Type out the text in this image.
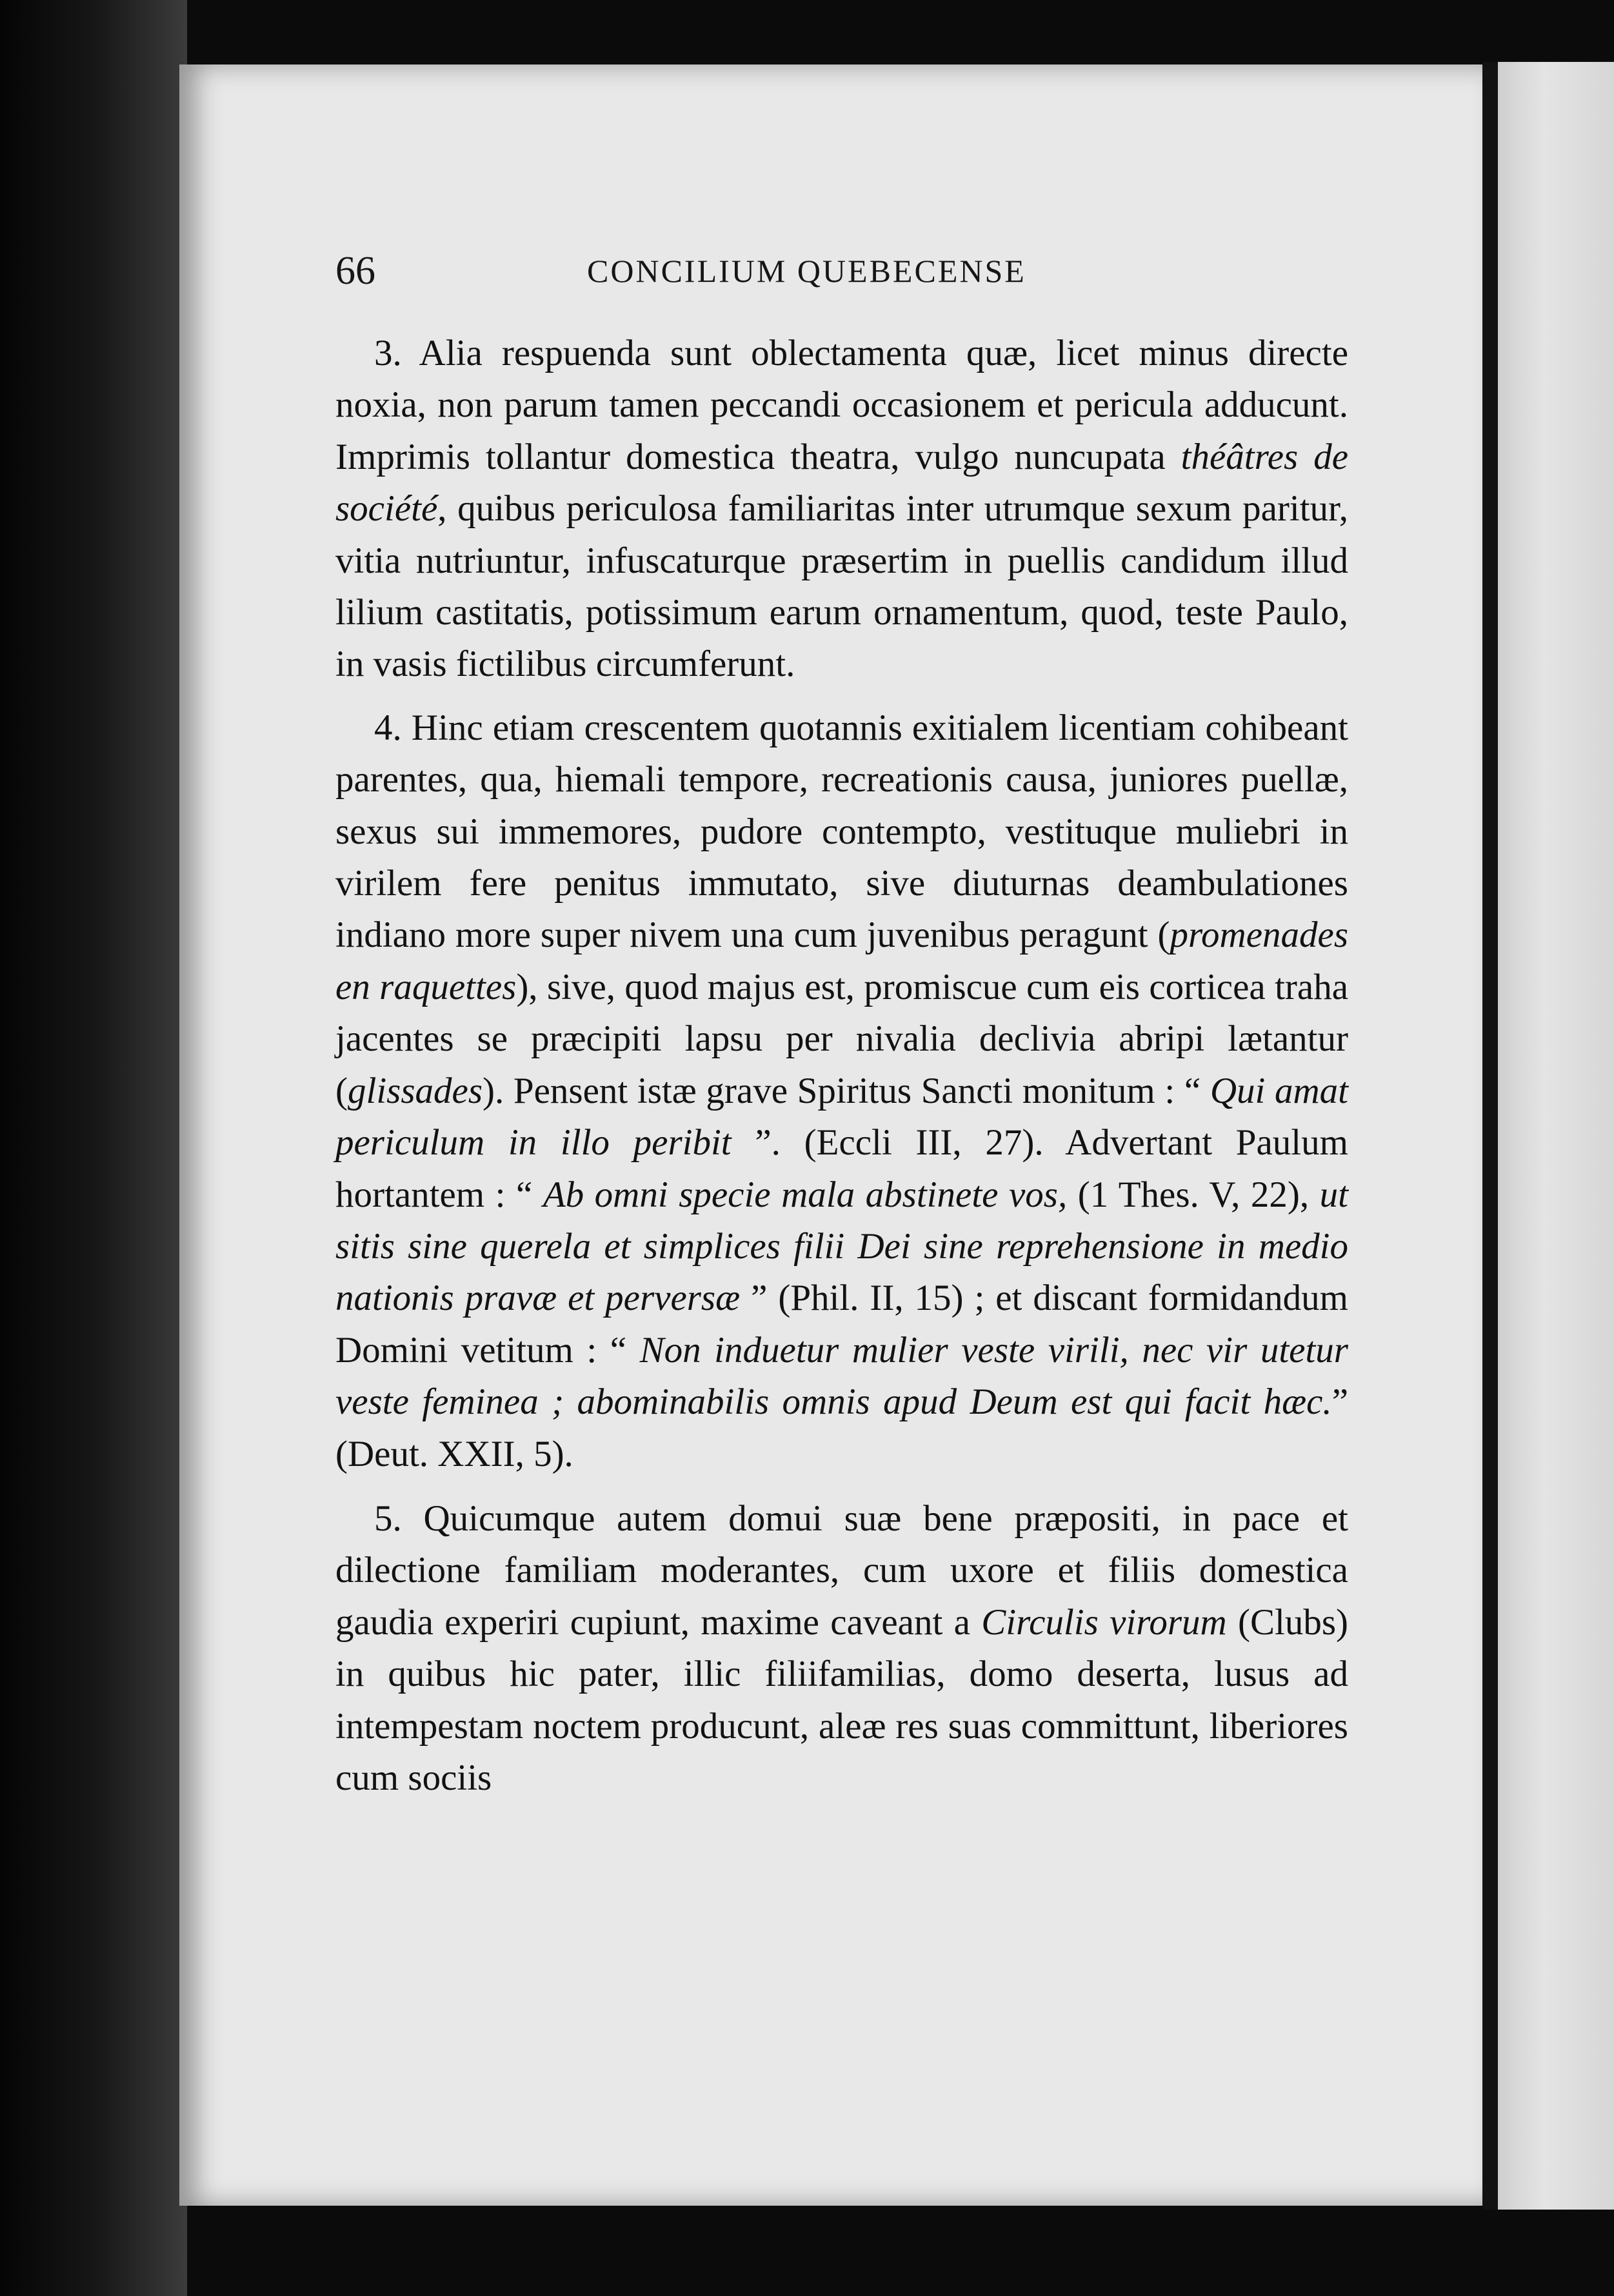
66	CONCILIUM QUEBECENSE

3. Alia respuenda sunt oblectamenta quæ, licet minus directe noxia, non parum tamen peccandi occasionem et pericula adducunt. Imprimis tollantur domestica theatra, vulgo nuncupata théâtres de société, quibus periculosa familiaritas inter utrumque sexum paritur, vitia nutriuntur, infuscaturque præsertim in puellis candidum illud lilium castitatis, potissimum earum ornamentum, quod, teste Paulo, in vasis fictilibus circumferunt.

4. Hinc etiam crescentem quotannis exitialem licentiam cohibeant parentes, qua, hiemali tempore, recreationis causa, juniores puellæ, sexus sui immemores, pudore contempto, vestituque muliebri in virilem fere penitus immutato, sive diuturnas deambulationes indiano more super nivem una cum juvenibus peragunt (promenades en raquettes), sive, quod majus est, promiscue cum eis corticea traha jacentes se præcipiti lapsu per nivalia declivia abripi lætantur (glissades). Pensent istæ grave Spiritus Sancti monitum : “ Qui amat periculum in illo peribit ”. (Eccli III, 27). Advertant Paulum hortantem : “ Ab omni specie mala abstinete vos, (1 Thes. V, 22), ut sitis sine querela et simplices filii Dei sine reprehensione in medio nationis pravæ et perversæ ” (Phil. II, 15) ; et discant formidandum Domini vetitum : “ Non induetur mulier veste virili, nec vir utetur veste feminea ; abominabilis omnis apud Deum est qui facit hæc.” (Deut. XXII, 5).

5. Quicumque autem domui suæ bene præpositi, in pace et dilectione familiam moderantes, cum uxore et filiis domestica gaudia experiri cupiunt, maxime caveant a Circulis virorum (Clubs) in quibus hic pater, illic filiifamilias, domo deserta, lusus ad intempestam noctem producunt, aleæ res suas committunt, liberiores cum sociis
